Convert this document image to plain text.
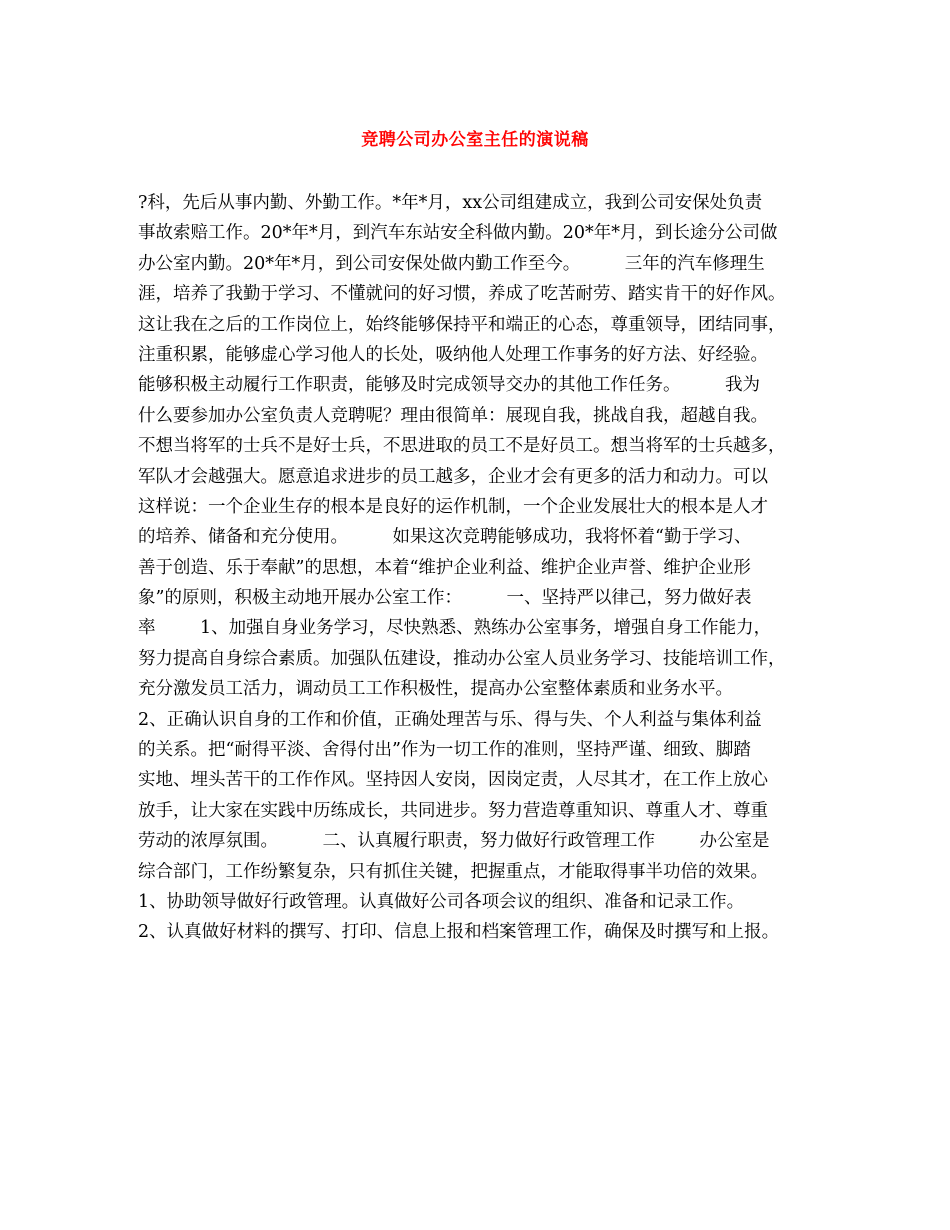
竞聘公司办公室主任的演说稿
?科，先后从事内勤、外勤工作。*年*月，xx公司组建成立，我到公司安保处负责
事故索赔工作。20*年*月，到汽车东站安全科做内勤。20*年*月，到长途分公司做
办公室内勤。20*年*月，到公司安保处做内勤工作至今。        三年的汽车修理生
涯，培养了我勤于学习、不懂就问的好习惯，养成了吃苦耐劳、踏实肯干的好作风。
这让我在之后的工作岗位上，始终能够保持平和端正的心态，尊重领导，团结同事，
注重积累，能够虚心学习他人的长处，吸纳他人处理工作事务的好方法、好经验。
能够积极主动履行工作职责，能够及时完成领导交办的其他工作任务。        我为
什么要参加办公室负责人竞聘呢？理由很简单：展现自我，挑战自我，超越自我。
不想当将军的士兵不是好士兵，不思进取的员工不是好员工。想当将军的士兵越多，
军队才会越强大。愿意追求进步的员工越多，企业才会有更多的活力和动力。可以
这样说：一个企业生存的根本是良好的运作机制，一个企业发展壮大的根本是人才
的培养、储备和充分使用。        如果这次竞聘能够成功，我将怀着“勤于学习、
善于创造、乐于奉献”的思想，本着“维护企业利益、维护企业声誉、维护企业形
象”的原则，积极主动地开展办公室工作：        一、坚持严以律己，努力做好表
率        1、加强自身业务学习，尽快熟悉、熟练办公室事务，增强自身工作能力，
努力提高自身综合素质。加强队伍建设，推动办公室人员业务学习、技能培训工作，
充分激发员工活力，调动员工工作积极性，提高办公室整体素质和业务水平。
2、正确认识自身的工作和价值，正确处理苦与乐、得与失、个人利益与集体利益
的关系。把“耐得平淡、舍得付出”作为一切工作的准则，坚持严谨、细致、脚踏
实地、埋头苦干的工作作风。坚持因人安岗，因岗定责，人尽其才，在工作上放心
放手，让大家在实践中历练成长，共同进步。努力营造尊重知识、尊重人才、尊重
劳动的浓厚氛围。        二、认真履行职责，努力做好行政管理工作        办公室是
综合部门，工作纷繁复杂，只有抓住关键，把握重点，才能取得事半功倍的效果。
1、协助领导做好行政管理。认真做好公司各项会议的组织、准备和记录工作。
2、认真做好材料的撰写、打印、信息上报和档案管理工作，确保及时撰写和上报。
